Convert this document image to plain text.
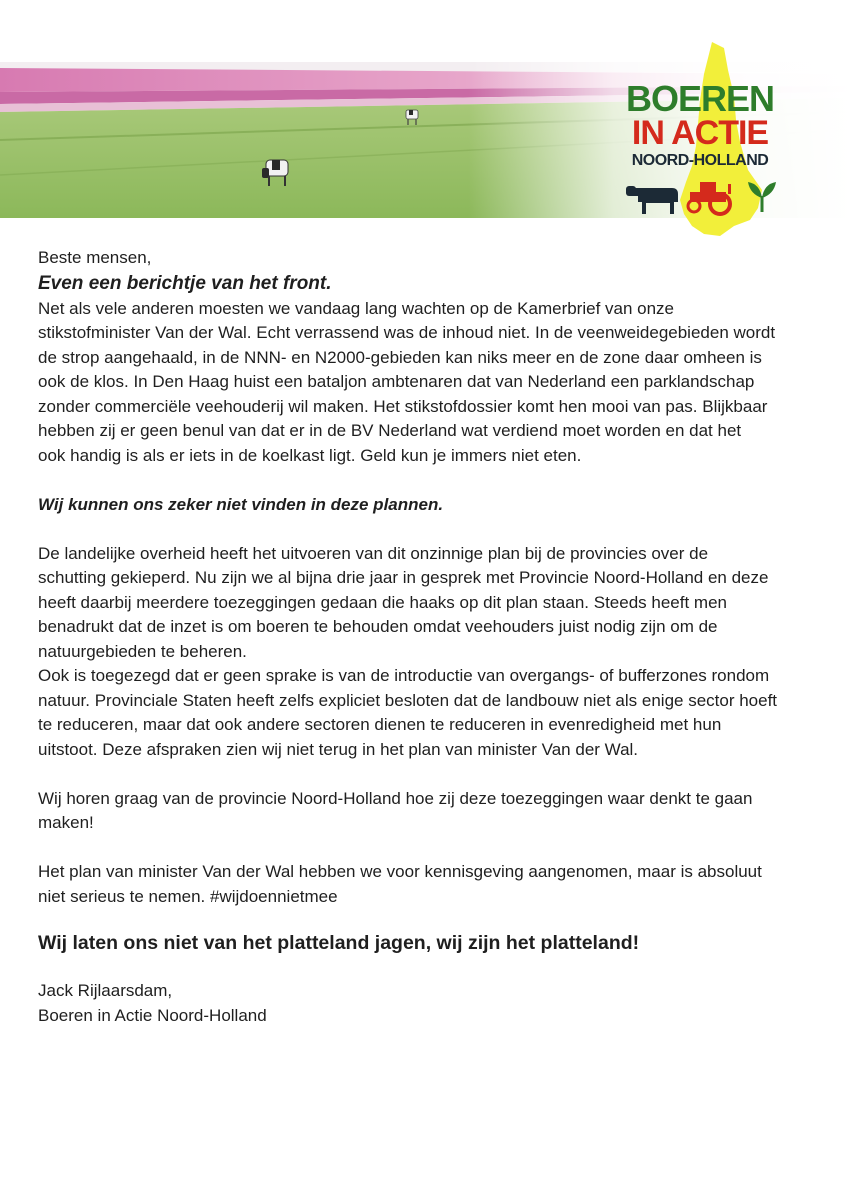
BOEREN
IN ACTIE
NOORD-HOLLAND

Beste mensen,

Even een berichtje van het front.

Net als vele anderen moesten we vandaag lang wachten op de Kamerbrief van onze
stikstofminister Van der Wal. Echt verrassend was de inhoud niet. In de veenweidegebieden wordt
de strop aangehaald, in de NNN- en N2000-gebieden kan niks meer en de zone daar omheen is
ook de klos. In Den Haag huist een bataljon ambtenaren dat van Nederland een parklandschap
zonder commerciële veehouderij wil maken. Het stikstofdossier komt hen mooi van pas. Blijkbaar
hebben zij er geen benul van dat er in de BV Nederland wat verdiend moet worden en dat het
ook handig is als er iets in de koelkast ligt. Geld kun je immers niet eten.

Wij kunnen ons zeker niet vinden in deze plannen.

De landelijke overheid heeft het uitvoeren van dit onzinnige plan bij de provincies over de
schutting gekieperd. Nu zijn we al bijna drie jaar in gesprek met Provincie Noord-Holland en deze
heeft daarbij meerdere toezeggingen gedaan die haaks op dit plan staan. Steeds heeft men
benadrukt dat de inzet is om boeren te behouden omdat veehouders juist nodig zijn om de
natuurgebieden te beheren.
Ook is toegezegd dat er geen sprake is van de introductie van overgangs- of bufferzones rondom
natuur. Provinciale Staten heeft zelfs expliciet besloten dat de landbouw niet als enige sector hoeft
te reduceren, maar dat ook andere sectoren dienen te reduceren in evenredigheid met hun
uitstoot. Deze afspraken zien wij niet terug in het plan van minister Van der Wal.
Wij horen graag van de provincie Noord-Holland hoe zij deze toezeggingen waar denkt te gaan
maken!
Het plan van minister Van der Wal hebben we voor kennisgeving aangenomen, maar is absoluut
niet serieus te nemen. #wijdoennietmee

Wij laten ons niet van het platteland jagen, wij zijn het platteland!

Jack Rijlaarsdam,

Boeren in Actie Noord-Holland
